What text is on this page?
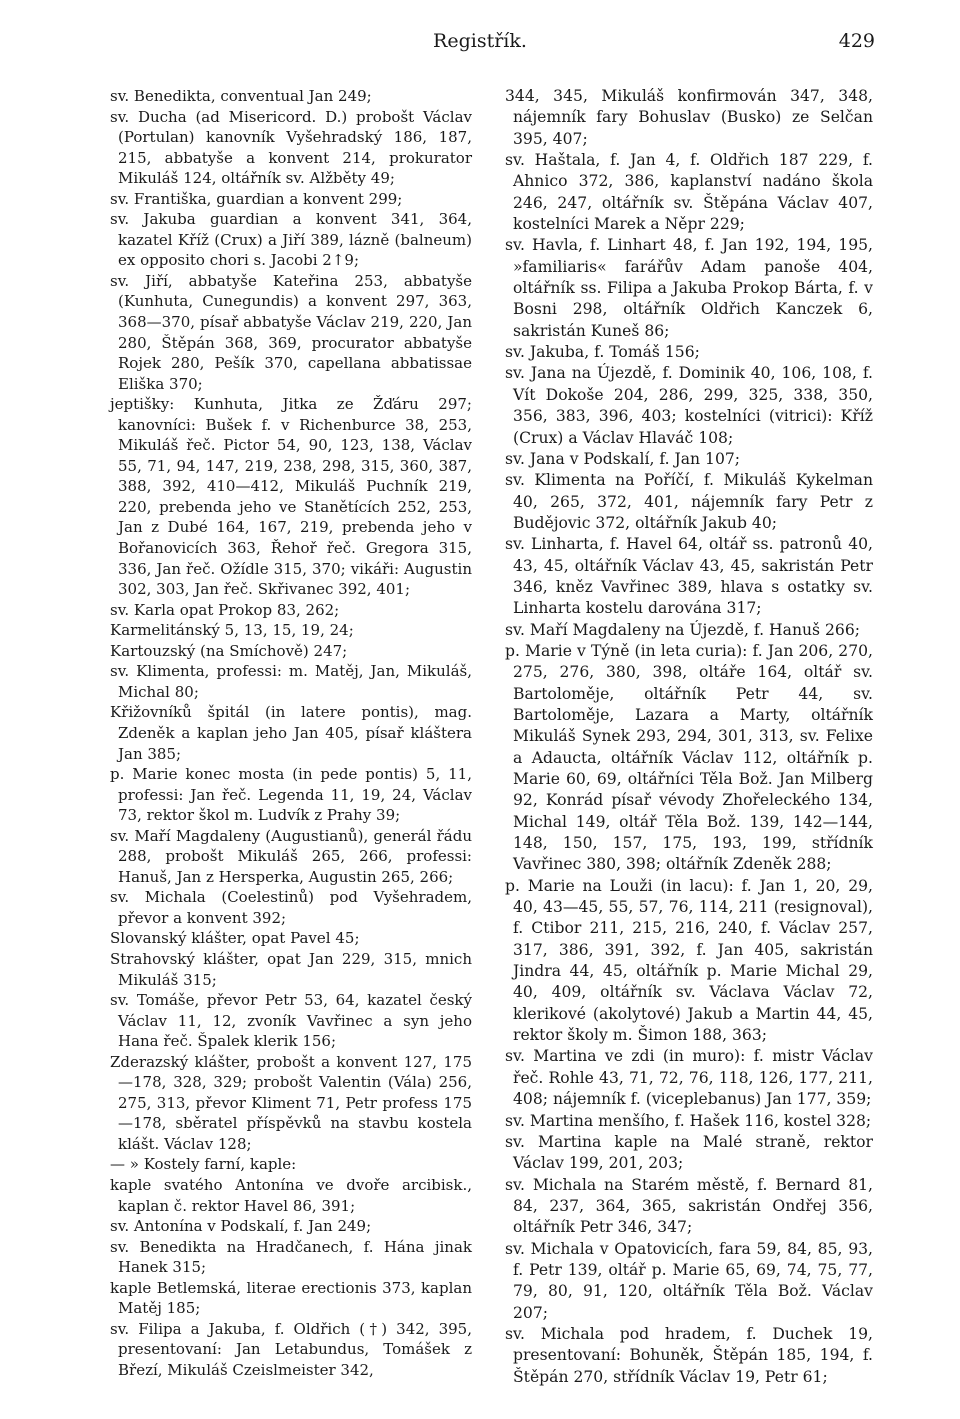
Registřík.	429

sv. Benedikta, conventual Jan 249;

sv. Ducha (ad Misericord. D.) probošt Václav (Portulan) kanovník Vyšehradský 186, 187, 215, abbatyše a konvent 214, prokurator Mikuláš 124, oltářník sv. Alžběty 49;

sv. Františka, guardian a konvent 299;

sv. Jakuba guardian a konvent 341, 364, kazatel Kříž (Crux) a Jiří 389, lázně (balneum) ex opposito chori s. Jacobi 2↑9;

sv. Jiří, abbatyše Kateřina 253, abbatyše (Kunhuta, Cunegundis) a konvent 297, 363, 368—370, písař abbatyše Václav 219, 220, Jan 280, Štěpán 368, 369, procurator abbatyše Rojek 280, Pešík 370, capellana abbatissae Eliška 370;

jeptišky: Kunhuta, Jitka ze Žďáru 297; kanovníci: Bušek f. v Richenburce 38, 253, Mikuláš řeč. Pictor 54, 90, 123, 138, Václav 55, 71, 94, 147, 219, 238, 298, 315, 360, 387, 388, 392, 410—412, Mikuláš Puchník 219, 220, prebenda jeho ve Stanětících 252, 253, Jan z Dubé 164, 167, 219, prebenda jeho v Bořanovicích 363, Řehoř řeč. Gregora 315, 336, Jan řeč. Ožídle 315, 370; vikáři: Augustin 302, 303, Jan řeč. Skřivanec 392, 401;

sv. Karla opat Prokop 83, 262;

Karmelitánský 5, 13, 15, 19, 24;

Kartouzský (na Smíchově) 247;

sv. Klimenta, professi: m. Matěj, Jan, Mikuláš, Michal 80;

Křižovníků špitál (in latere pontis), mag. Zdeněk a kaplan jeho Jan 405, písař kláštera Jan 385;

p. Marie konec mosta (in pede pontis) 5, 11, professi: Jan řeč. Legenda 11, 19, 24, Václav 73, rektor škol m. Ludvík z Prahy 39;

sv. Maří Magdaleny (Augustianů), generál řádu 288, probošt Mikuláš 265, 266, professi: Hanuš, Jan z Hersperka, Augustin 265, 266;

sv. Michala (Coelestinů) pod Vyšehradem, převor a konvent 392;

Slovanský klášter, opat Pavel 45;

Strahovský klášter, opat Jan 229, 315, mnich Mikuláš 315;

sv. Tomáše, převor Petr 53, 64, kazatel český Václav 11, 12, zvoník Vavřinec a syn jeho Hana řeč. Špalek klerik 156;

Zderazský klášter, probošt a konvent 127, 175—178, 328, 329; probošt Valentin (Vála) 256, 275, 313, převor Kliment 71, Petr profess 175—178, sběratel příspěvků na stavbu kostela klášt. Václav 128;

— » Kostely farní, kaple:

kaple svatého Antonína ve dvoře arcibisk., kaplan č. rektor Havel 86, 391;

sv. Antonína v Podskalí, f. Jan 249;

sv. Benedikta na Hradčanech, f. Hána jinak Hanek 315;

kaple Betlemská, literae erectionis 373, kaplan Matěj 185;

sv. Filipa a Jakuba, f. Oldřich (†) 342, 395, presentovaní: Jan Letabundus, Tomášek z Březí, Mikuláš Czeislmeister 342,

344, 345, Mikuláš konfirmován 347, 348, nájemník fary Bohuslav (Busko) ze Selčan 395, 407;

sv. Haštala, f. Jan 4, f. Oldřich 187 229, f. Ahnico 372, 386, kaplanství nadáno škola 246, 247, oltářník sv. Štěpána Václav 407, kostelníci Marek a Něpr 229;

sv. Havla, f. Linhart 48, f. Jan 192, 194, 195, »familiaris« farářův Adam panoše 404, oltářník ss. Filipa a Jakuba Prokop Bárta, f. v Bosni 298, oltářník Oldřich Kanczek 6, sakristán Kuneš 86;

sv. Jakuba, f. Tomáš 156;

sv. Jana na Újezdě, f. Dominik 40, 106, 108, f. Vít Dokoše 204, 286, 299, 325, 338, 350, 356, 383, 396, 403; kostelníci (vitrici): Kříž (Crux) a Václav Hlaváč 108;

sv. Jana v Podskalí, f. Jan 107;

sv. Klimenta na Poříčí, f. Mikuláš Kykelman 40, 265, 372, 401, nájemník fary Petr z Budějovic 372, oltářník Jakub 40;

sv. Linharta, f. Havel 64, oltář ss. patronů 40, 43, 45, oltářník Václav 43, 45, sakristán Petr 346, kněz Vavřinec 389, hlava s ostatky sv. Linharta kostelu darována 317;

sv. Maří Magdaleny na Újezdě, f. Hanuš 266;

p. Marie v Týně (in leta curia): f. Jan 206, 270, 275, 276, 380, 398, oltáře 164, oltář sv. Bartoloměje, oltářník Petr 44, sv. Bartoloměje, Lazara a Marty, oltářník Mikuláš Synek 293, 294, 301, 313, sv. Felixe a Adaucta, oltářník Václav 112, oltářník p. Marie 60, 69, oltářníci Těla Bož. Jan Milberg 92, Konrád písař vévody Zhořeleckého 134, Michal 149, oltář Těla Bož. 139, 142—144, 148, 150, 157, 175, 193, 199, střídník Vavřinec 380, 398; oltářník Zdeněk 288;

p. Marie na Louži (in lacu): f. Jan 1, 20, 29, 40, 43—45, 55, 57, 76, 114, 211 (resignoval), f. Ctibor 211, 215, 216, 240, f. Václav 257, 317, 386, 391, 392, f. Jan 405, sakristán Jindra 44, 45, oltářník p. Marie Michal 29, 40, 409, oltářník sv. Václava Václav 72, klerikové (akolytové) Jakub a Martin 44, 45, rektor školy m. Šimon 188, 363;

sv. Martina ve zdi (in muro): f. mistr Václav řeč. Rohle 43, 71, 72, 76, 118, 126, 177, 211, 408; nájemník f. (viceplebanus) Jan 177, 359;

sv. Martina menšího, f. Hašek 116, kostel 328;

sv. Martina kaple na Malé straně, rektor Václav 199, 201, 203;

sv. Michala na Starém městě, f. Bernard 81, 84, 237, 364, 365, sakristán Ondřej 356, oltářník Petr 346, 347;

sv. Michala v Opatovicích, fara 59, 84, 85, 93, f. Petr 139, oltář p. Marie 65, 69, 74, 75, 77, 79, 80, 91, 120, oltářník Těla Bož. Václav 207;

sv. Michala pod hradem, f. Duchek 19, presentovaní: Bohuněk, Štěpán 185, 194, f. Štěpán 270, střídník Václav 19, Petr 61;
